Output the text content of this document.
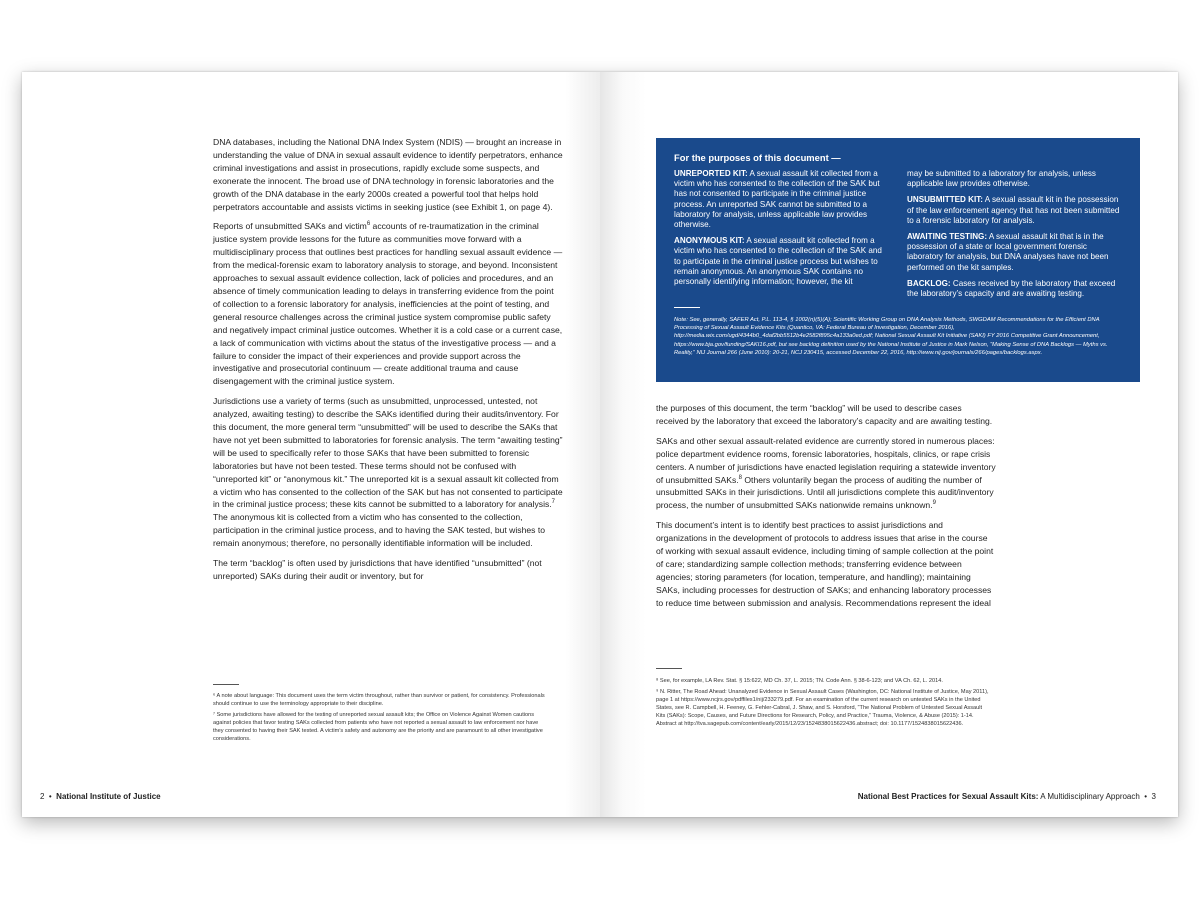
DNA databases, including the National DNA Index System (NDIS) — brought an increase in understanding the value of DNA in sexual assault evidence to identify perpetrators, enhance criminal investigations and assist in prosecutions, rapidly exclude some suspects, and exonerate the innocent. The broad use of DNA technology in forensic laboratories and the growth of the DNA database in the early 2000s created a powerful tool that helps hold perpetrators accountable and assists victims in seeking justice (see Exhibit 1, on page 4).

Reports of unsubmitted SAKs and victim$^6$ accounts of re-traumatization in the criminal justice system provide lessons for the future as communities move forward with a multidisciplinary process that outlines best practices for handling sexual assault evidence — from the medical-forensic exam to laboratory analysis to storage, and beyond. Inconsistent approaches to sexual assault evidence collection, lack of policies and procedures, and an absence of timely communication leading to delays in transferring evidence from the point of collection to a forensic laboratory for analysis, inefficiencies at the point of testing, and general resource challenges across the criminal justice system compromise public safety and negatively impact criminal justice outcomes. Whether it is a cold case or a current case, a lack of communication with victims about the status of the investigative process — and a failure to consider the impact of their experiences and provide support across the investigative and prosecutorial continuum — create additional trauma and cause disengagement with the criminal justice system.

Jurisdictions use a variety of terms (such as unsubmitted, unprocessed, untested, not analyzed, awaiting testing) to describe the SAKs identified during their audits/inventory. For this document, the more general term “unsubmitted” will be used to describe the SAKs that have not yet been submitted to laboratories for forensic analysis. The term “awaiting testing” will be used to specifically refer to those SAKs that have been submitted to forensic laboratories but have not been tested. These terms should not be confused with “unreported kit” or “anonymous kit.” The unreported kit is a sexual assault kit collected from a victim who has consented to the collection of the SAK but has not consented to participate in the criminal justice process; these kits cannot be submitted to a laboratory for analysis.$^7$ The anonymous kit is collected from a victim who has consented to the collection, participation in the criminal justice process, and to having the SAK tested, but wishes to remain anonymous; therefore, no personally identifiable information will be included.

The term “backlog” is often used by jurisdictions that have identified “unsubmitted” (not unreported) SAKs during their audit or inventory, but for

⁶ A note about language: This document uses the term victim throughout, rather than survivor or patient, for consistency. Professionals should continue to use the terminology appropriate to their discipline.

⁷ Some jurisdictions have allowed for the testing of unreported sexual assault kits; the Office on Violence Against Women cautions against policies that favor testing SAKs collected from patients who have not reported a sexual assault to law enforcement nor have they consented to having their SAK tested. A victim’s safety and autonomy are the priority and are paramount to all other investigative considerations.

2 • National Institute of Justice
For the purposes of this document —

UNREPORTED KIT: A sexual assault kit collected from a victim who has consented to the collection of the SAK but has not consented to participate in the criminal justice process. An unreported SAK cannot be submitted to a laboratory for analysis, unless applicable law provides otherwise.

ANONYMOUS KIT: A sexual assault kit collected from a victim who has consented to the collection of the SAK and to participate in the criminal justice process but wishes to remain anonymous. An anonymous SAK contains no personally identifying information; however, the kit

may be submitted to a laboratory for analysis, unless applicable law provides otherwise.

UNSUBMITTED KIT: A sexual assault kit in the possession of the law enforcement agency that has not been submitted to a forensic laboratory for analysis.

AWAITING TESTING: A sexual assault kit that is in the possession of a state or local government forensic laboratory for analysis, but DNA analyses have not been performed on the kit samples.

BACKLOG: Cases received by the laboratory that exceed the laboratory’s capacity and are awaiting testing.

Note: See, generally, SAFER Act, P.L. 113-4, § 1002(n)(5)(A); Scientific Working Group on DNA Analysis Methods, SWGDAM Recommendations for the Efficient DNA Processing of Sexual Assault Evidence Kits (Quantico, VA: Federal Bureau of Investigation, December 2016), http://media.wix.com/ugd/4344b0_4daf2bb5512b4e2582f895c4a133a0ed.pdf; National Sexual Assault Kit Initiative (SAKI) FY 2016 Competitive Grant Announcement, https://www.bja.gov/funding/SAKI16.pdf, but see backlog definition used by the National Institute of Justice in Mark Nelson, “Making Sense of DNA Backlogs — Myths vs. Reality,” NIJ Journal 266 (June 2010): 20-21, NCJ 230415, accessed December 22, 2016, http://www.nij.gov/journals/266/pages/backlogs.aspx.

the purposes of this document, the term “backlog” will be used to describe cases received by the laboratory that exceed the laboratory’s capacity and are awaiting testing.

SAKs and other sexual assault-related evidence are currently stored in numerous places: police department evidence rooms, forensic laboratories, hospitals, clinics, or rape crisis centers. A number of jurisdictions have enacted legislation requiring a statewide inventory of unsubmitted SAKs.$^8$ Others voluntarily began the process of auditing the number of unsubmitted SAKs in their jurisdictions. Until all jurisdictions complete this audit/inventory process, the number of unsubmitted SAKs nationwide remains unknown.$^9$

This document’s intent is to identify best practices to assist jurisdictions and organizations in the development of protocols to address issues that arise in the course of working with sexual assault evidence, including timing of sample collection at the point of care; standardizing sample collection methods; transferring evidence between agencies; storing parameters (for location, temperature, and handling); maintaining SAKs, including processes for destruction of SAKs; and enhancing laboratory processes to reduce time between submission and analysis. Recommendations represent the ideal

⁸ See, for example, LA Rev. Stat. § 15:622, MD Ch. 37, L. 2015; TN. Code Ann. § 38-6-123; and VA Ch. 62, L. 2014.

⁹ N. Ritter, The Road Ahead: Unanalyzed Evidence in Sexual Assault Cases (Washington, DC: National Institute of Justice, May 2011), page 1 at https://www.ncjrs.gov/pdffiles1/nij/233279.pdf. For an examination of the current research on untested SAKs in the United States, see R. Campbell, H. Feeney, G. Fehler-Cabral, J. Shaw, and S. Horsford, “The National Problem of Untested Sexual Assault Kits (SAKs): Scope, Causes, and Future Directions for Research, Policy, and Practice,” Trauma, Violence, & Abuse (2015): 1-14. Abstract at http://tva.sagepub.com/content/early/2015/12/23/1524838015622436.abstract; doi: 10.1177/1524838015622436.

National Best Practices for Sexual Assault Kits: A Multidisciplinary Approach • 3
